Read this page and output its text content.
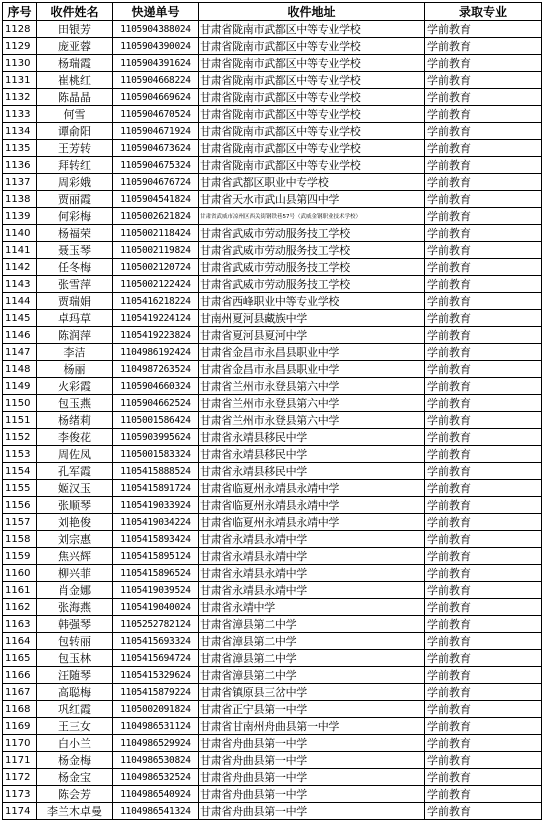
序号	收件姓名	快递单号	收件地址	录取专业
1128	田银芳	1105904388024	甘肃省陇南市武都区中等专业学校	学前教育
1129	庞亚蓉	1105904390024	甘肃省陇南市武都区中等专业学校	学前教育
1130	杨瑞霞	1105904391624	甘肃省陇南市武都区中等专业学校	学前教育
1131	崔桃红	1105904668224	甘肃省陇南市武都区中等专业学校	学前教育
1132	陈晶晶	1105904669624	甘肃省陇南市武都区中等专业学校	学前教育
1133	何雪	1105904670524	甘肃省陇南市武都区中等专业学校	学前教育
1134	谭俞阳	1105904671924	甘肃省陇南市武都区中等专业学校	学前教育
1135	王芳转	1105904673624	甘肃省陇南市武都区中等专业学校	学前教育
1136	拜转红	1105904675324	甘肃省陇南市武都区中等专业学校	学前教育
1137	周彩娥	1105904676724	甘肃省武都区职业中专学校	学前教育
1138	贾丽霞	1105904541824	甘肃省天水市武山县第四中学	学前教育
1139	何彩梅	1105002621824	甘肃省武威市凉州区西关街钢铁巷57号（武威金钢职业技术学校）	学前教育
1140	杨福荣	1105002118424	甘肃省武威市劳动服务技工学校	学前教育
1141	聂玉琴	1105002119824	甘肃省武威市劳动服务技工学校	学前教育
1142	任冬梅	1105002120724	甘肃省武威市劳动服务技工学校	学前教育
1143	张雪萍	1105002122424	甘肃省武威市劳动服务技工学校	学前教育
1144	贾瑞娟	1105416218224	甘肃省西峰职业中等专业学校	学前教育
1145	卓玛草	1105419224124	甘南州夏河县藏族中学	学前教育
1146	陈润萍	1105419223824	甘肃省夏河县夏河中学	学前教育
1147	李洁	1104986192424	甘肃省金昌市永昌县职业中学	学前教育
1148	杨丽	1104987263524	甘肃省金昌市永昌县职业中学	学前教育
1149	火彩霞	1105904660324	甘肃省兰州市永登县第六中学	学前教育
1150	包玉燕	1105904662524	甘肃省兰州市永登县第六中学	学前教育
1151	杨绪莉	1105001586424	甘肃省兰州市永登县第六中学	学前教育
1152	李俊花	1105903995624	甘肃省永靖县移民中学	学前教育
1153	周佐凤	1105001583324	甘肃省永靖县移民中学	学前教育
1154	孔军霞	1105415888524	甘肃省永靖县移民中学	学前教育
1155	姬汉玉	1105415891724	甘肃省临夏州永靖县永靖中学	学前教育
1156	张顺琴	1105419033924	甘肃省临夏州永靖县永靖中学	学前教育
1157	刘艳俊	1105419034224	甘肃省临夏州永靖县永靖中学	学前教育
1158	刘宗惠	1105415893424	甘肃省永靖县永靖中学	学前教育
1159	焦兴辉	1105415895124	甘肃省永靖县永靖中学	学前教育
1160	柳兴菲	1105415896524	甘肃省永靖县永靖中学	学前教育
1161	肖金娜	1105419039524	甘肃省永靖县永靖中学	学前教育
1162	张海燕	1105419040024	甘肃省永靖中学	学前教育
1163	韩强琴	1105252782124	甘肃省漳县第二中学	学前教育
1164	包转丽	1105415693324	甘肃省漳县第二中学	学前教育
1165	包玉林	1105415694724	甘肃省漳县第二中学	学前教育
1166	汪随琴	1105415329624	甘肃省漳县第二中学	学前教育
1167	高聪梅	1105415879224	甘肃省镇原县三岔中学	学前教育
1168	巩红霞	1105002091824	甘肃省正宁县第一中学	学前教育
1169	王三女	1104986531124	甘肃省甘南州舟曲县第一中学	学前教育
1170	白小兰	1104986529924	甘肃省舟曲县第一中学	学前教育
1171	杨金梅	1104986530824	甘肃省舟曲县第一中学	学前教育
1172	杨金宝	1104986532524	甘肃省舟曲县第一中学	学前教育
1173	陈会芳	1104986540924	甘肃省舟曲县第一中学	学前教育
1174	李兰木卓曼	1104986541324	甘肃省舟曲县第一中学	学前教育
